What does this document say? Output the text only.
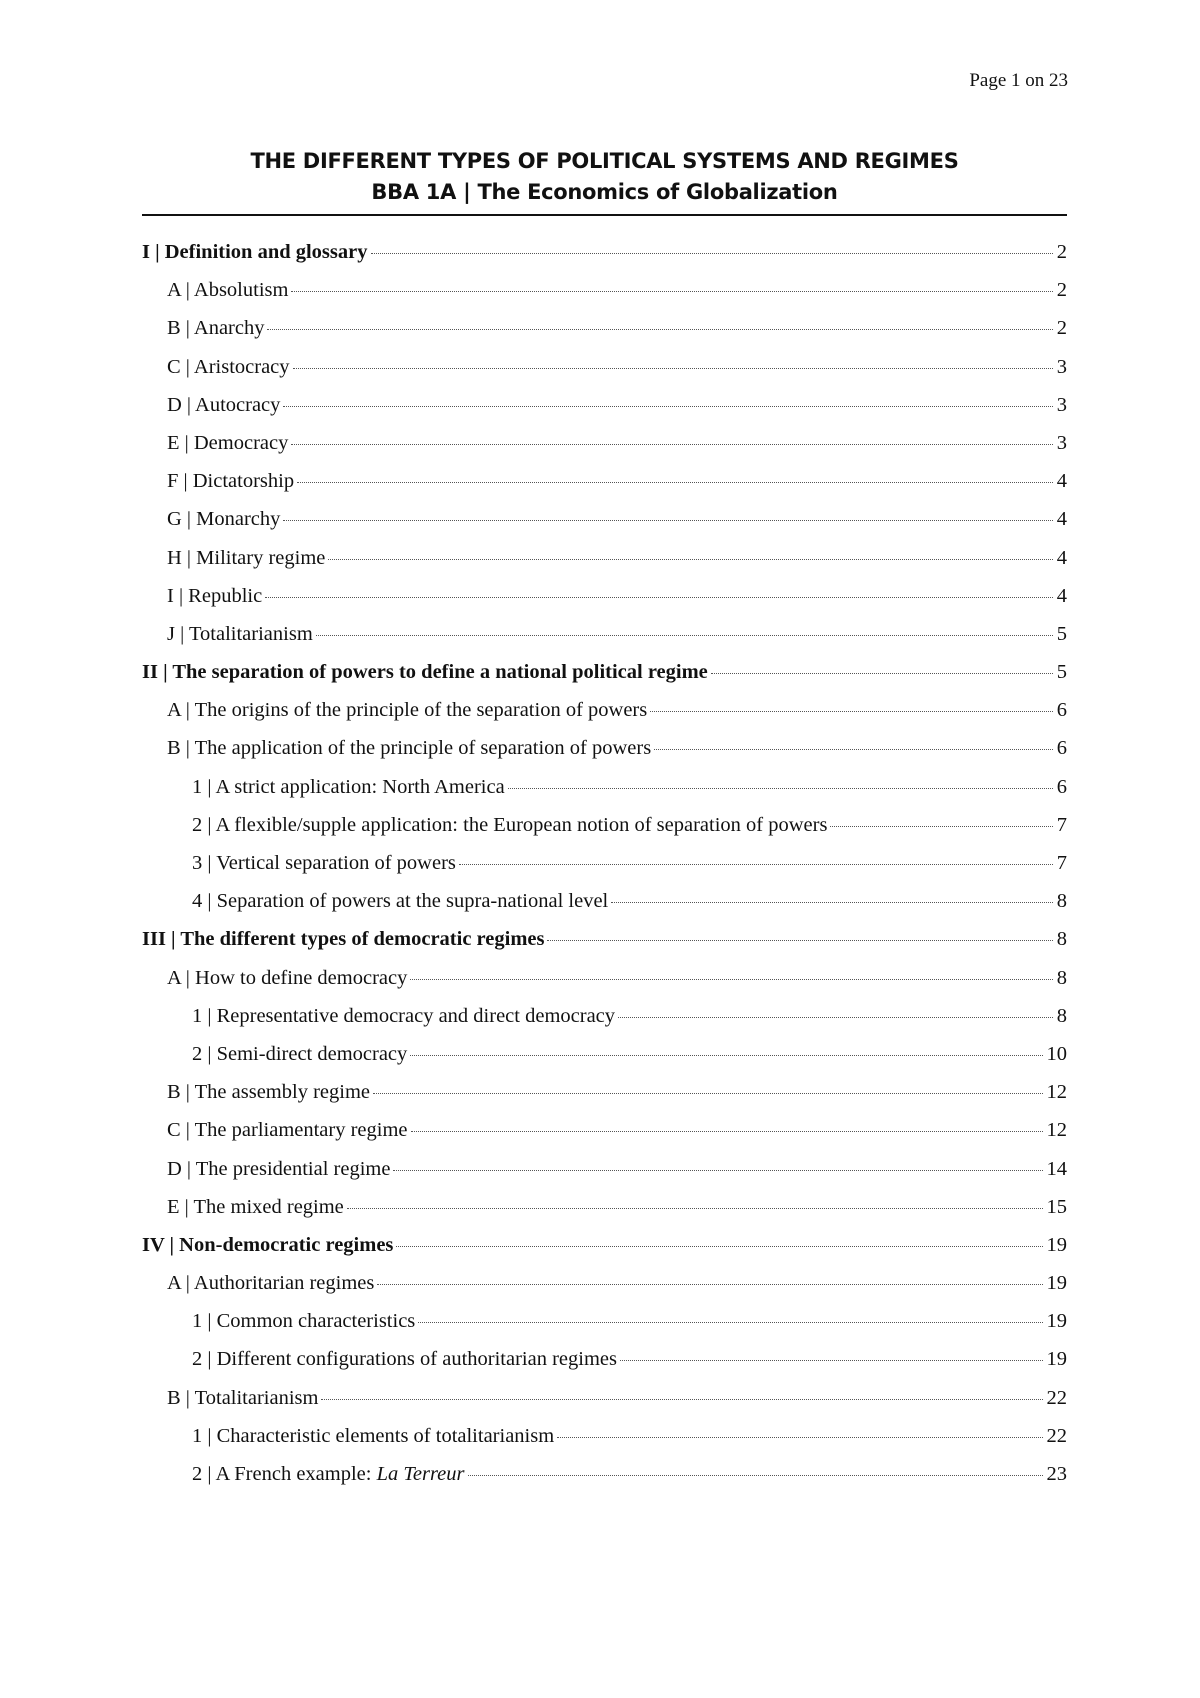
Page 1 on 23
THE DIFFERENT TYPES OF POLITICAL SYSTEMS AND REGIMES
BBA 1A | The Economics of Globalization
I | Definition and glossary	2
A | Absolutism	2
B | Anarchy	2
C | Aristocracy	3
D | Autocracy	3
E | Democracy	3
F | Dictatorship	4
G | Monarchy	4
H | Military regime	4
I | Republic	4
J | Totalitarianism	5
II | The separation of powers to define a national political regime	5
A | The origins of the principle of the separation of powers	6
B | The application of the principle of separation of powers	6
1 | A strict application: North America	6
2 | A flexible/supple application: the European notion of separation of powers	7
3 | Vertical separation of powers	7
4 | Separation of powers at the supra-national level	8
III | The different types of democratic regimes	8
A | How to define democracy	8
1 | Representative democracy and direct democracy	8
2 | Semi-direct democracy	10
B | The assembly regime	12
C | The parliamentary regime	12
D | The presidential regime	14
E | The mixed regime	15
IV | Non-democratic regimes	19
A | Authoritarian regimes	19
1 | Common characteristics	19
2 | Different configurations of authoritarian regimes	19
B | Totalitarianism	22
1 | Characteristic elements of totalitarianism	22
2 | A French example: La Terreur	23
